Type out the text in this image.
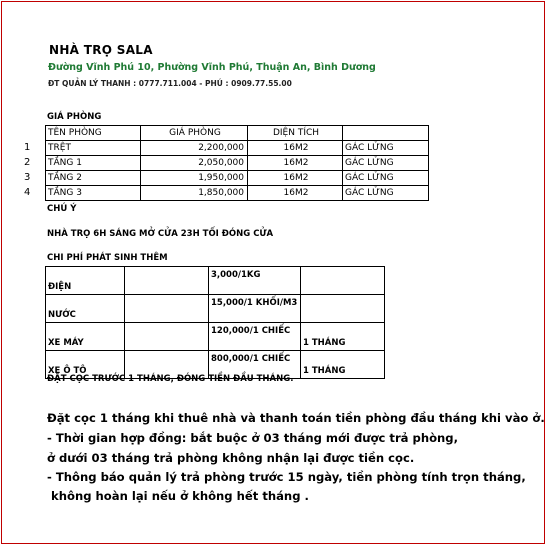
NHÀ TRỌ SALA
Đường Vĩnh Phú 10, Phường Vĩnh Phú, Thuận An, Bình Dương
ĐT QUẢN LÝ THANH : 0777.711.004 - PHÚ : 0909.77.55.00
GIÁ PHÒNG
1
2
3
4
TÊN PHÒNG	GIÁ PHÒNG	DIỆN TÍCH	
TRỆT	2,200,000	16M2	GÁC LỬNG
TẦNG 1	2,050,000	16M2	GÁC LỬNG
TẦNG 2	1,950,000	16M2	GÁC LỬNG
TẦNG 3	1,850,000	16M2	GÁC LỬNG
CHÚ Ý
NHÀ TRỌ 6H SÁNG MỞ CỬA 23H TỐI ĐÓNG CỬA
CHI PHÍ PHÁT SINH THÊM
ĐIỆN		3,000/1KG	
NƯỚC		15,000/1 KHỐI/M3	
XE MÁY		120,000/1 CHIẾC	1 THÁNG
XE Ô TÔ		800,000/1 CHIẾC	1 THÁNG
ĐẶT CỌC TRƯỚC 1 THÁNG, ĐÓNG TIỀN ĐẦU THÁNG.
Đặt cọc 1 tháng khi thuê nhà và thanh toán tiền phòng đầu tháng khi vào ở.
- Thời gian hợp đồng: bắt buộc ở 03 tháng mới được trả phòng,
ở dưới 03 tháng trả phòng không nhận lại được tiền cọc.
- Thông báo quản lý trả phòng trước 15 ngày, tiền phòng tính trọn tháng,
không hoàn lại nếu ở không hết tháng .
